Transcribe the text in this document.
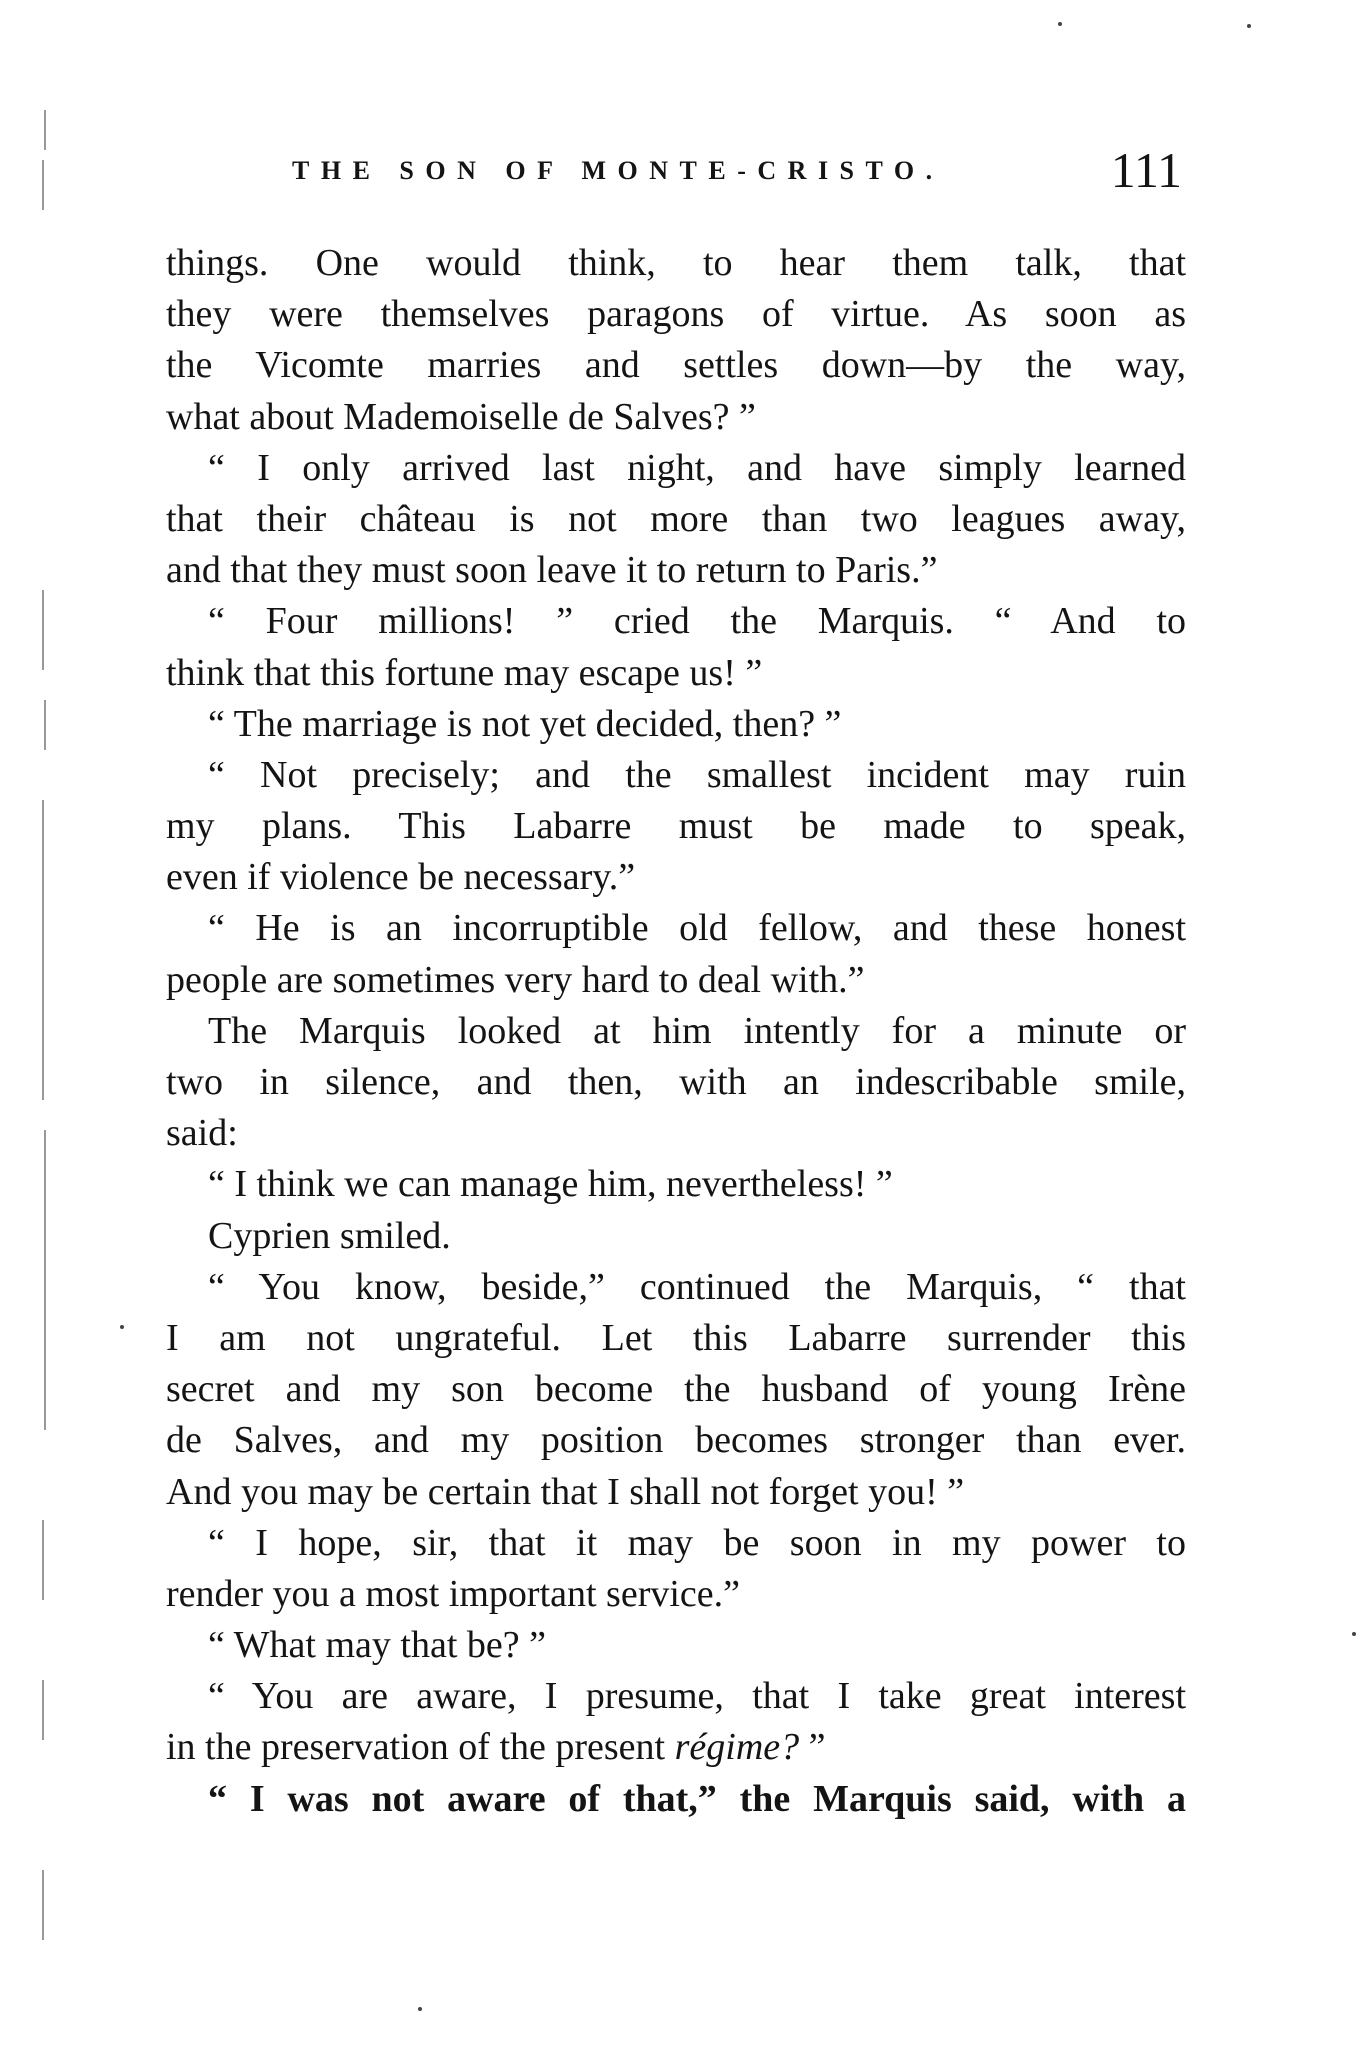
THE SON OF MONTE-CRISTO.	111
things. One would think, to hear them talk, that
they were themselves paragons of virtue. As soon as
the Vicomte marries and settles down—by the way,
what about Mademoiselle de Salves? ”
“ I only arrived last night, and have simply learned
that their château is not more than two leagues away,
and that they must soon leave it to return to Paris.”
“ Four millions! ” cried the Marquis. “ And to
think that this fortune may escape us! ”
“ The marriage is not yet decided, then? ”
“ Not precisely; and the smallest incident may ruin
my plans. This Labarre must be made to speak,
even if violence be necessary.”
“ He is an incorruptible old fellow, and these honest
people are sometimes very hard to deal with.”
The Marquis looked at him intently for a minute or
two in silence, and then, with an indescribable smile,
said:
“ I think we can manage him, nevertheless! ”
Cyprien smiled.
“ You know, beside,” continued the Marquis, “ that
I am not ungrateful. Let this Labarre surrender this
secret and my son become the husband of young Irène
de Salves, and my position becomes stronger than ever.
And you may be certain that I shall not forget you! ”
“ I hope, sir, that it may be soon in my power to
render you a most important service.”
“ What may that be? ”
“ You are aware, I presume, that I take great interest
in the preservation of the present régime? ”
“ I was not aware of that,” the Marquis said, with a
